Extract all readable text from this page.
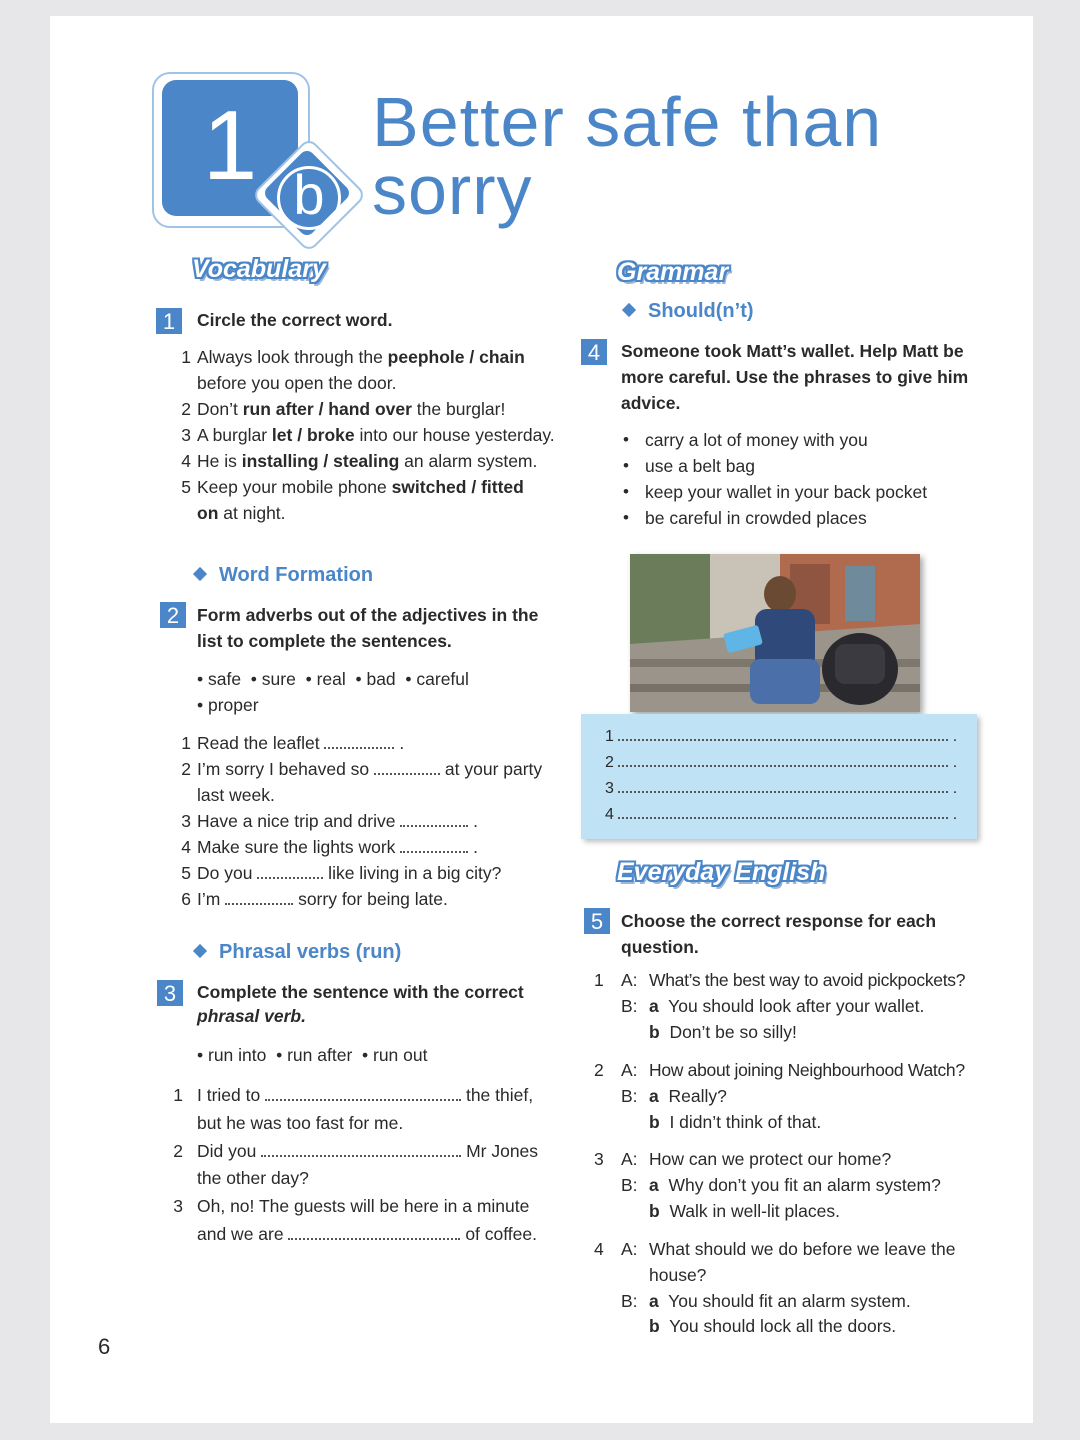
1 b
Better safe than
sorry
Vocabulary
1	Circle the correct word.
1 Always look through the peephole / chain
before you open the door.
2 Don’t run after / hand over the burglar!
3 A burglar let / broke into our house yesterday.
4 He is installing / stealing an alarm system.
5 Keep your mobile phone switched / fitted
on at night.
Word Formation
2	Form adverbs out of the adjectives in the
list to complete the sentences.
• safe  • sure  • real  • bad  • careful
• proper
1 Read the leaflet	.
2 I’m sorry I behaved so	at your party
last week.
3 Have a nice trip and drive	.
4 Make sure the lights work	.
5 Do you	like living in a big city?
6 I’m	sorry for being late.
Phrasal verbs (run)
3	Complete the sentence with the correct
phrasal verb.
• run into  • run after  • run out
1 I tried to	the thief,
but he was too fast for me.
2 Did you	Mr Jones
the other day?
3 Oh, no! The guests will be here in a minute
and we are	of coffee.
Grammar
Should(n’t)
4	Someone took Matt’s wallet. Help Matt be
more careful. Use the phrases to give him
advice.
• carry a lot of money with you
• use a belt bag
• keep your wallet in your back pocket
• be careful in crowded places
1	.
2	.
3	.
4	.
Everyday English
5	Choose the correct response for each
question.
1 A: What’s the best way to avoid pickpockets?
B: a You should look after your wallet.
b Don’t be so silly!
2 A: How about joining Neighbourhood Watch?
B: a Really?
b I didn’t think of that.
3 A: How can we protect our home?
B: a Why don’t you fit an alarm system?
b Walk in well-lit places.
4 A: What should we do before we leave the
house?
B: a You should fit an alarm system.
b You should lock all the doors.
6
